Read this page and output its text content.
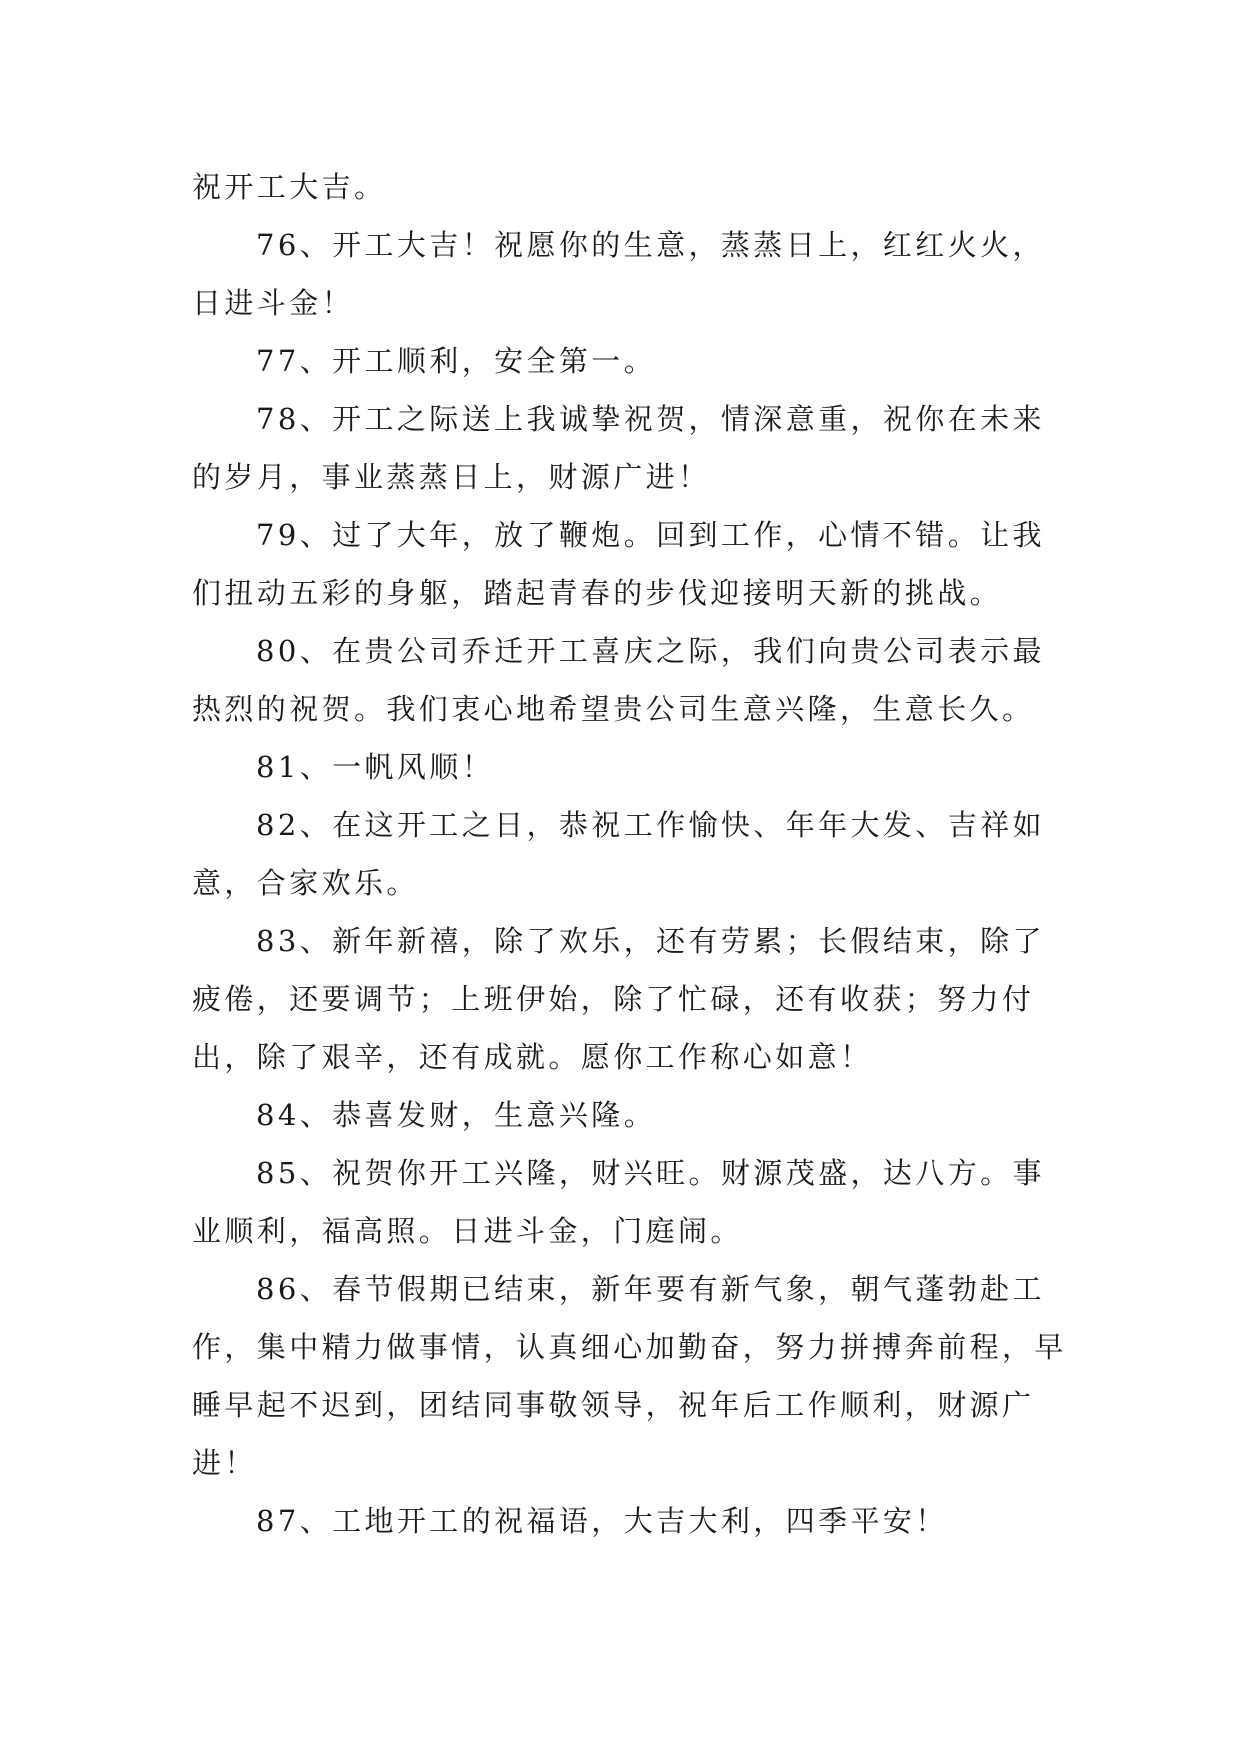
祝开工大吉。

76、开工大吉！祝愿你的生意，蒸蒸日上，红红火火，日进斗金！

77、开工顺利，安全第一。

78、开工之际送上我诚挚祝贺，情深意重，祝你在未来的岁月，事业蒸蒸日上，财源广进！

79、过了大年，放了鞭炮。回到工作，心情不错。让我们扭动五彩的身躯，踏起青春的步伐迎接明天新的挑战。

80、在贵公司乔迁开工喜庆之际，我们向贵公司表示最热烈的祝贺。我们衷心地希望贵公司生意兴隆，生意长久。

81、一帆风顺！

82、在这开工之日，恭祝工作愉快、年年大发、吉祥如意，合家欢乐。

83、新年新禧，除了欢乐，还有劳累；长假结束，除了疲倦，还要调节；上班伊始，除了忙碌，还有收获；努力付出，除了艰辛，还有成就。愿你工作称心如意！

84、恭喜发财，生意兴隆。

85、祝贺你开工兴隆，财兴旺。财源茂盛，达八方。事业顺利，福高照。日进斗金，门庭闹。

86、春节假期已结束，新年要有新气象，朝气蓬勃赴工作，集中精力做事情，认真细心加勤奋，努力拼搏奔前程，早睡早起不迟到，团结同事敬领导，祝年后工作顺利，财源广进！

87、工地开工的祝福语，大吉大利，四季平安！
